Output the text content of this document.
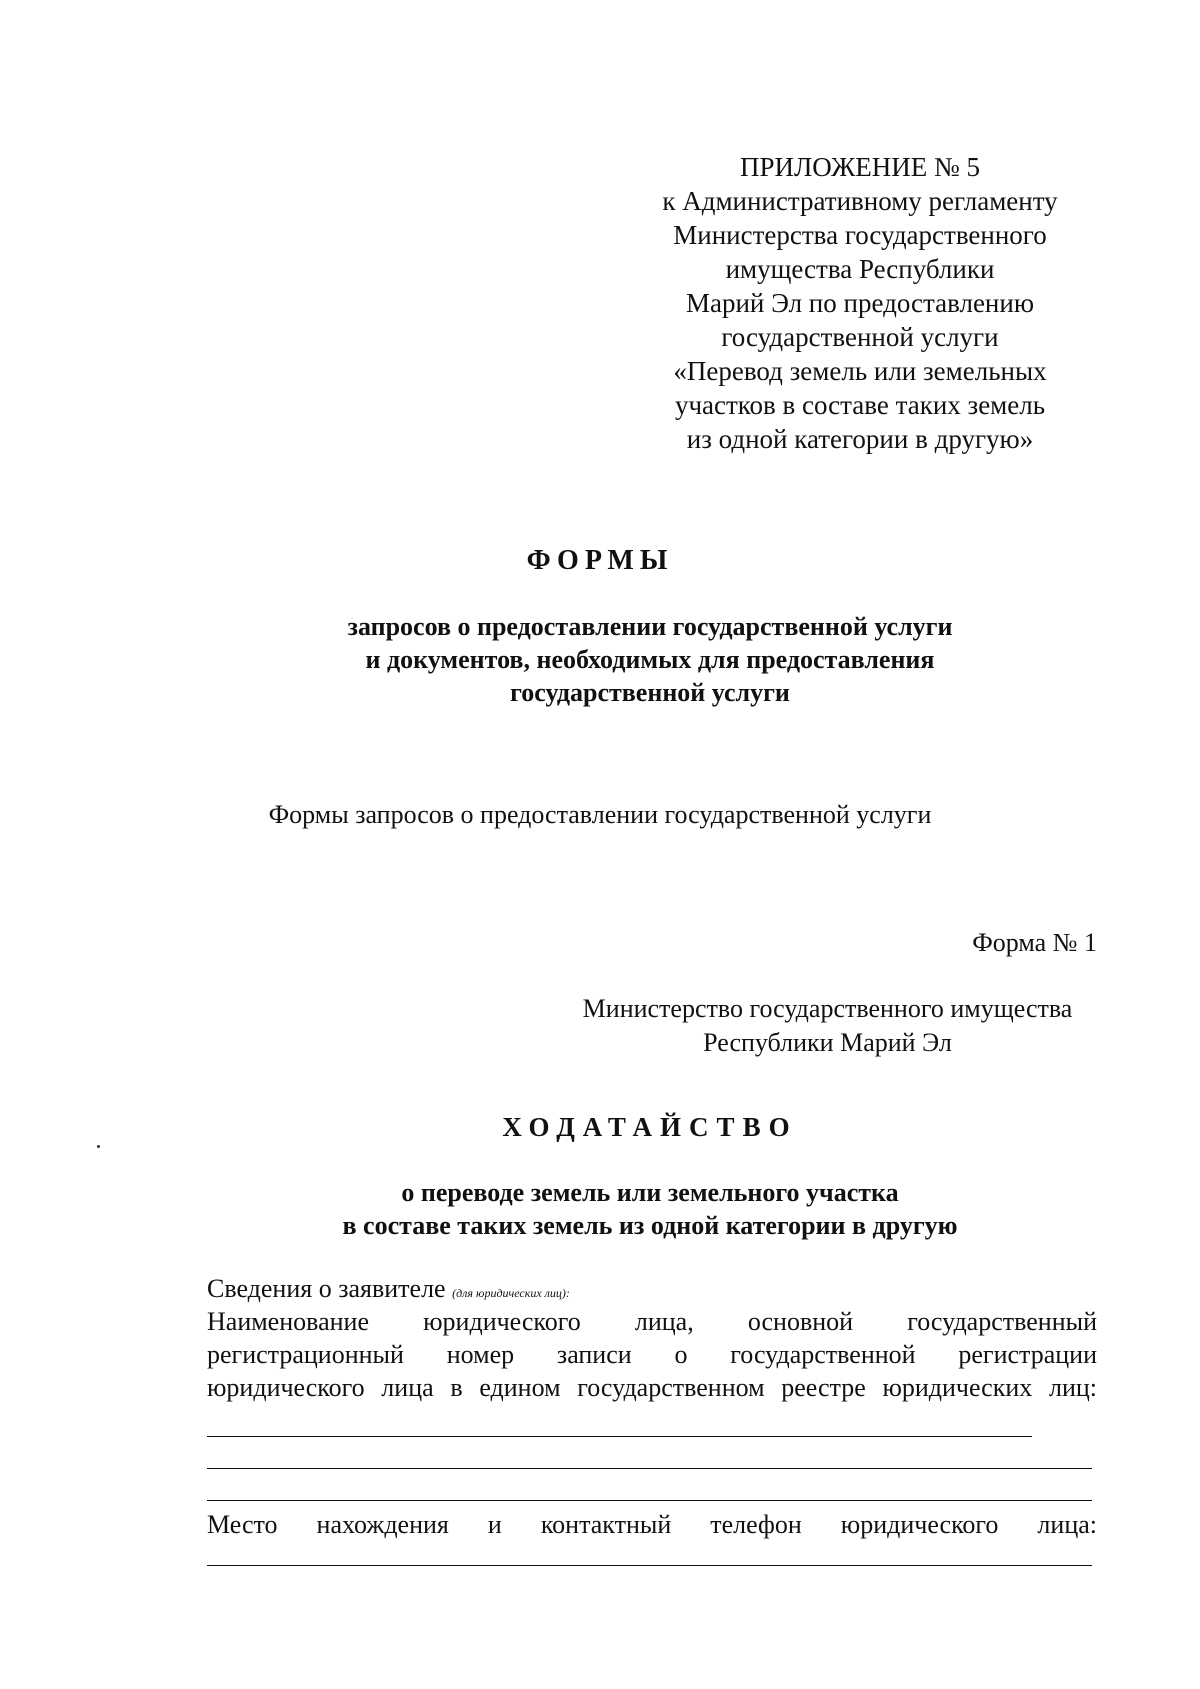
ПРИЛОЖЕНИЕ № 5
к Административному регламенту
Министерства государственного
имущества Республики
Марий Эл по предоставлению
государственной услуги
«Перевод земель или земельных
участков в составе таких земель
из одной категории в другую»
ФОРМЫ
запросов о предоставлении государственной услуги
и документов, необходимых для предоставления
государственной услуги
Формы запросов о предоставлении государственной услуги
Форма № 1
Министерство государственного имущества
Республики Марий Эл
ХОДАТАЙСТВО
о переводе земель или земельного участка
в составе таких земель из одной категории в другую
Сведения о заявителе (для юридических лиц):
Наименование юридического лица, основной государственный
регистрационный номер записи о государственной регистрации
юридического лица в едином государственном реестре юридических лиц:
Место нахождения и контактный телефон юридического лица:
